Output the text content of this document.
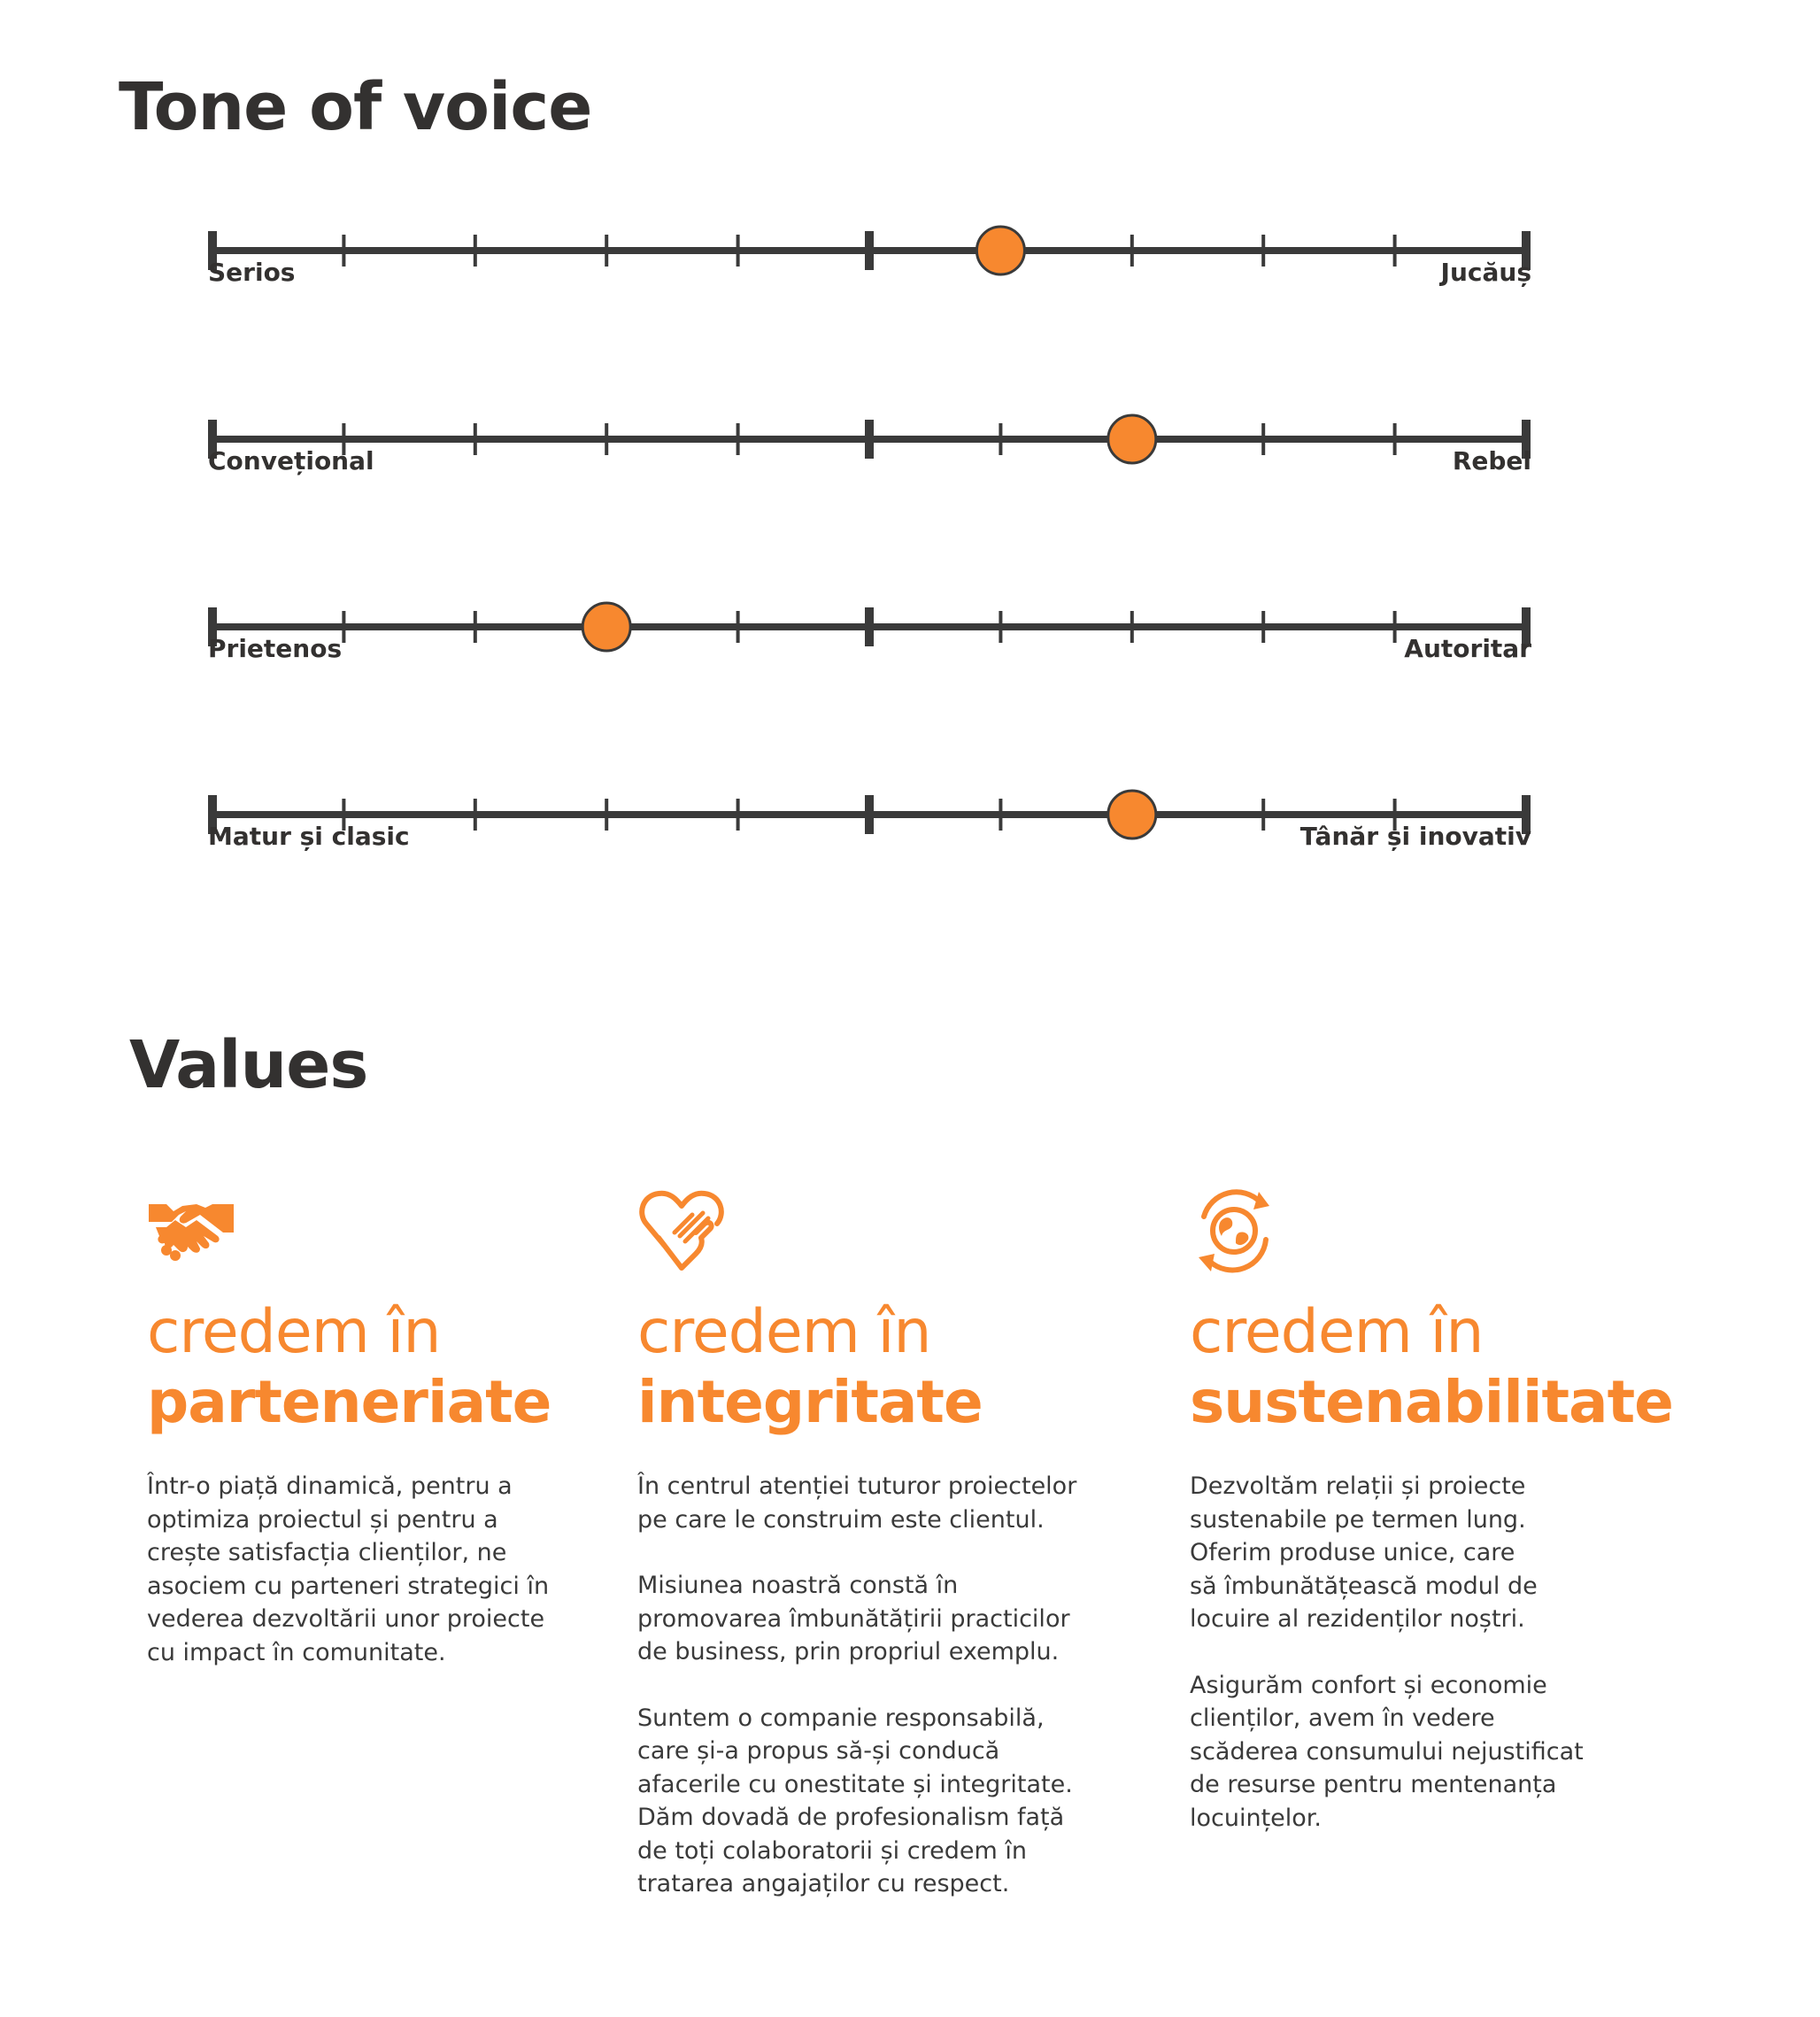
Tone of voice
Serios	Jucăuș
Convețional	Rebel
Prietenos	Autoritar
Matur și clasic	Tânăr și inovativ
Values
credem în
parteneriate

Într-o piață dinamică, pentru a
optimiza proiectul și pentru a
crește satisfacția clienților, ne
asociem cu parteneri strategici în
vederea dezvoltării unor proiecte
cu impact în comunitate.

credem în
integritate

În centrul atenției tuturor proiectelor
pe care le construim este clientul.

Misiunea noastră constă în
promovarea îmbunătățirii practicilor
de business, prin propriul exemplu.

Suntem o companie responsabilă,
care și-a propus să-și conducă
afacerile cu onestitate și integritate.
Dăm dovadă de profesionalism față
de toți colaboratorii și credem în
tratarea angajaților cu respect.

credem în
sustenabilitate

Dezvoltăm relații și proiecte
sustenabile pe termen lung.
Oferim produse unice, care
să îmbunătățească modul de
locuire al rezidenților noștri.

Asigurăm confort și economie
clienților, avem în vedere
scăderea consumului nejustificat
de resurse pentru mentenanța
locuințelor.
